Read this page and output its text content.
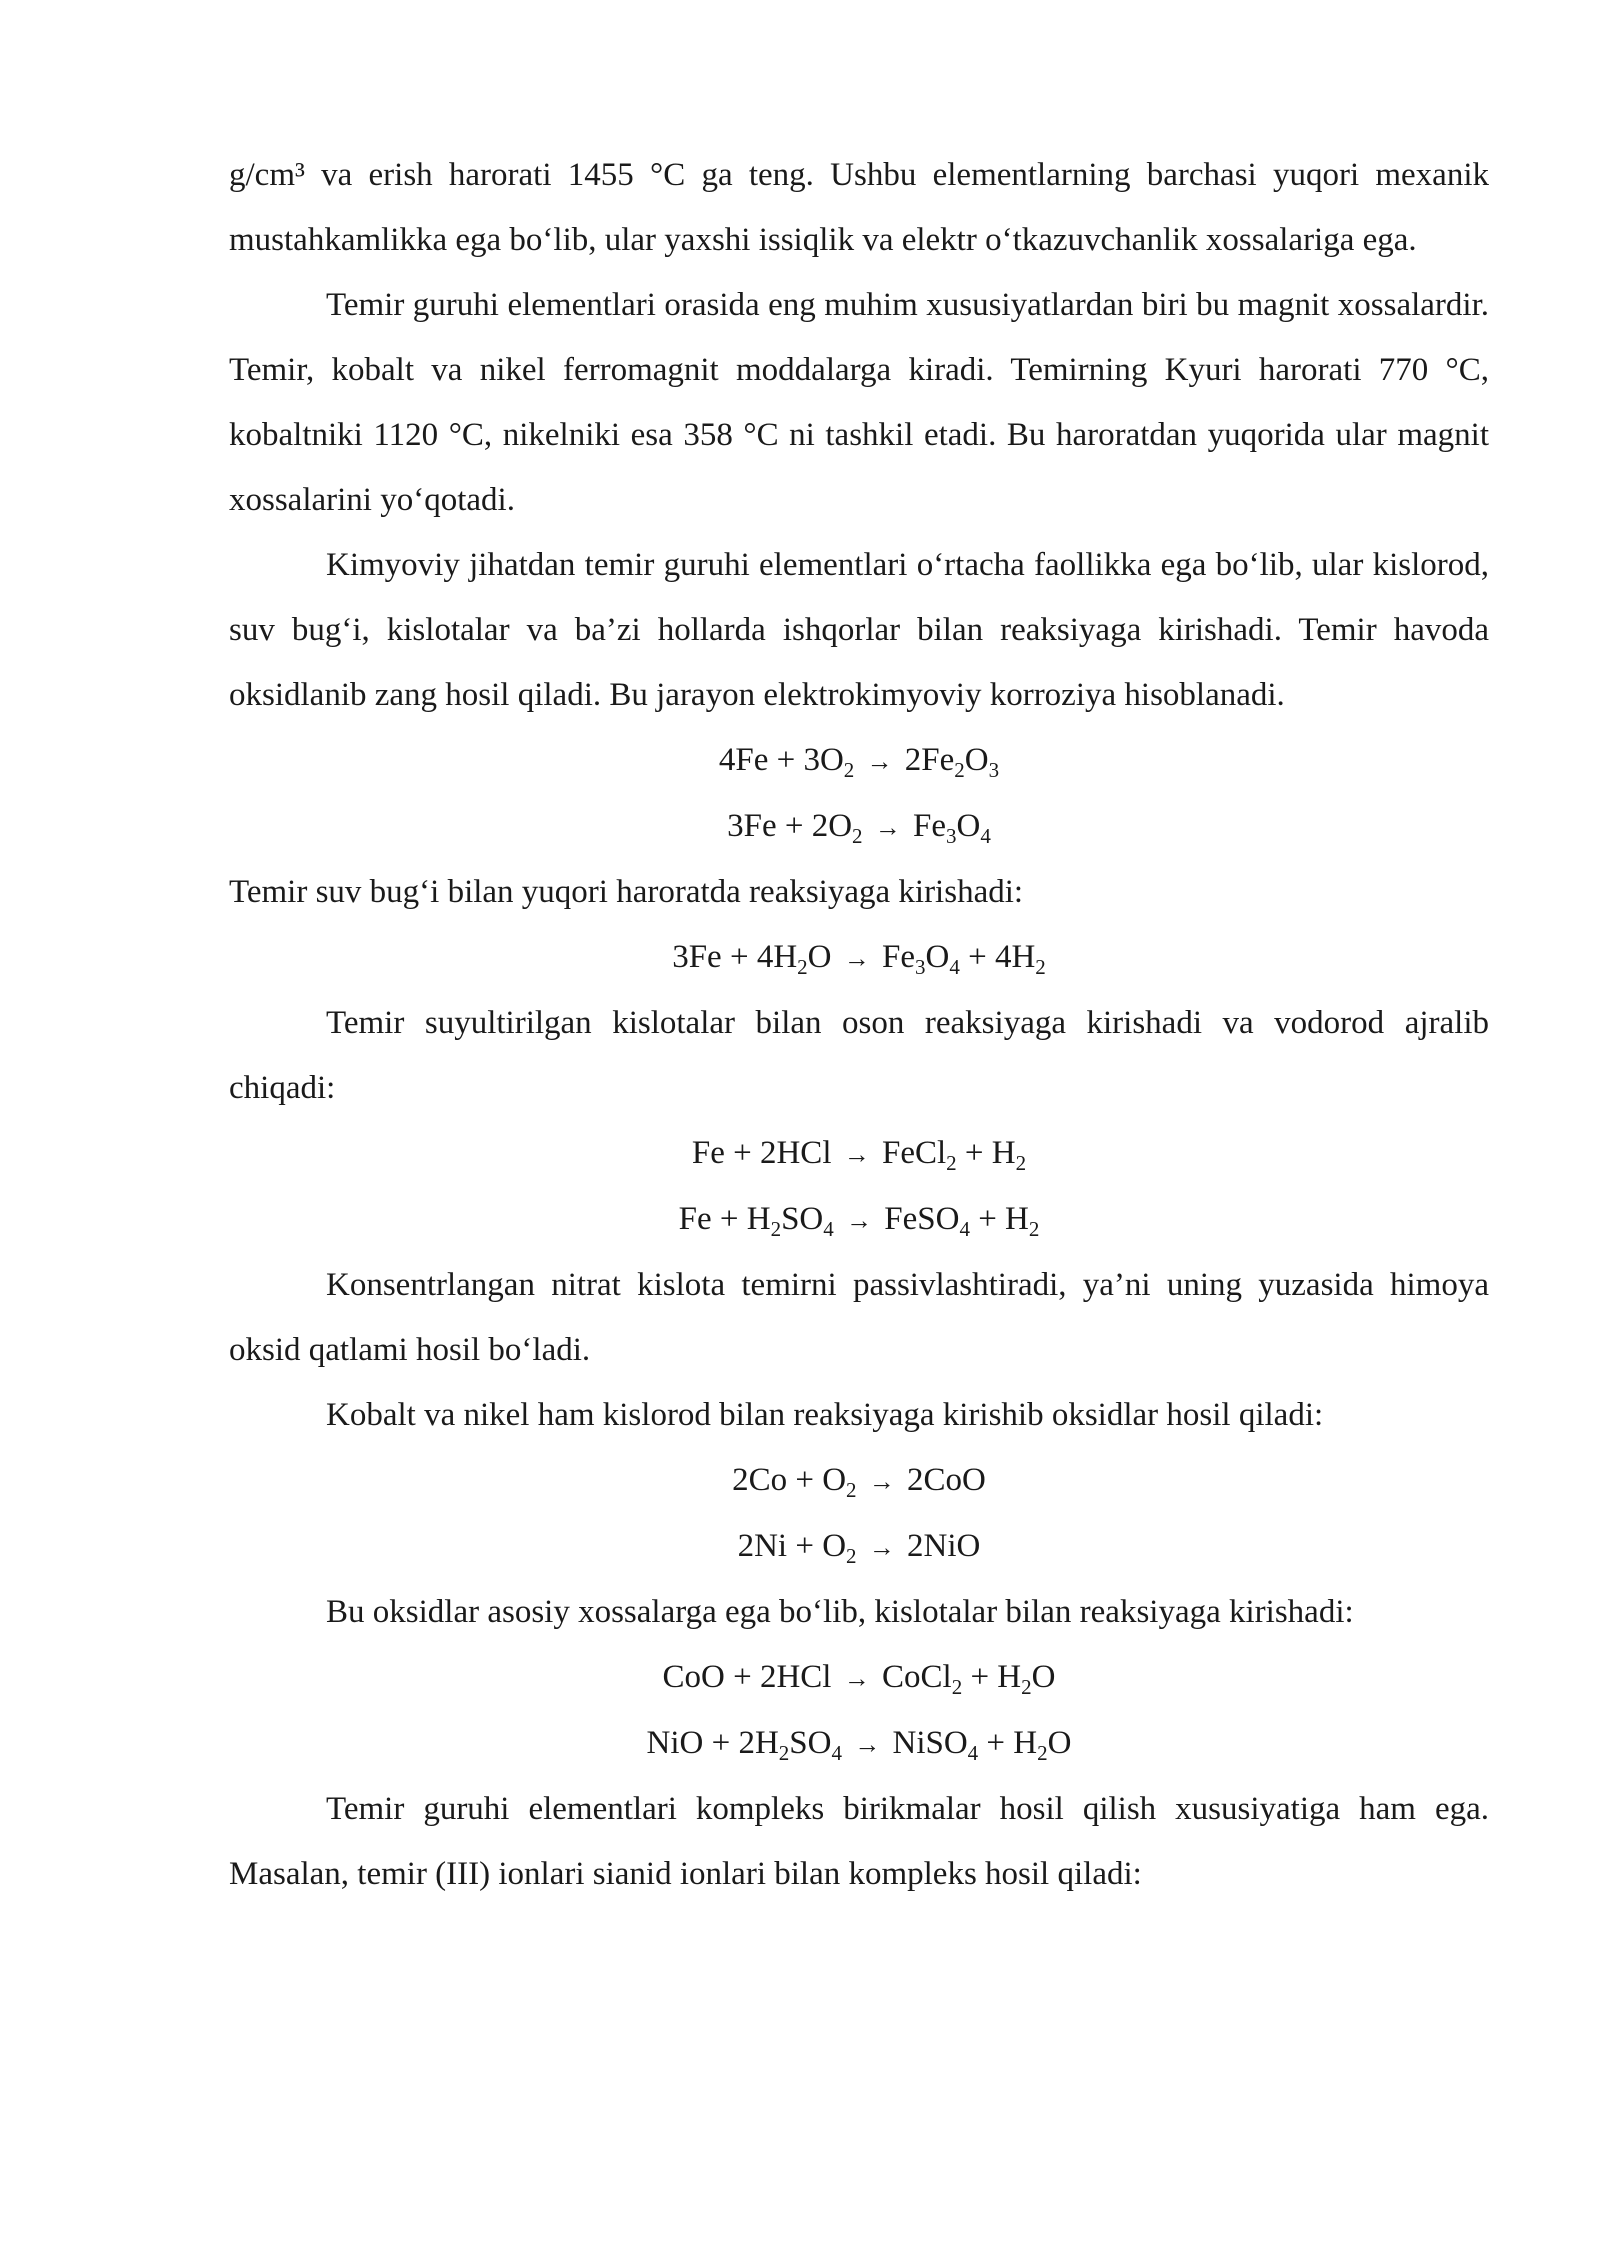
g/cm³ va erish harorati 1455 °C ga teng. Ushbu elementlarning barchasi yuqori mexanik mustahkamlikka ega bo‘lib, ular yaxshi issiqlik va elektr o‘tkazuvchanlik xossalariga ega.

Temir guruhi elementlari orasida eng muhim xususiyatlardan biri bu magnit xossalardir. Temir, kobalt va nikel ferromagnit moddalarga kiradi. Temirning Kyuri harorati 770 °C, kobaltniki 1120 °C, nikelniki esa 358 °C ni tashkil etadi. Bu haroratdan yuqorida ular magnit xossalarini yo‘qotadi.

Kimyoviy jihatdan temir guruhi elementlari o‘rtacha faollikka ega bo‘lib, ular kislorod, suv bug‘i, kislotalar va ba’zi hollarda ishqorlar bilan reaksiyaga kirishadi. Temir havoda oksidlanib zang hosil qiladi. Bu jarayon elektrokimyoviy korroziya hisoblanadi.

$4Fe + 3O_2 \to 2Fe_2O_3$

$3Fe + 2O_2 \to Fe_3O_4$

Temir suv bug‘i bilan yuqori haroratda reaksiyaga kirishadi:

$3Fe + 4H_2O \to Fe_3O_4 + 4H_2$

Temir suyultirilgan kislotalar bilan oson reaksiyaga kirishadi va vodorod ajralib chiqadi:

Fe + 2HCl → FeCl$_2$ + $H_2$

$Fe + H_2SO_4$ → FeSO$_4$ + $H_2$

Konsentrlangan nitrat kislota temirni passivlashtiradi, ya’ni uning yuzasida himoya oksid qatlami hosil bo‘ladi.

Kobalt va nikel ham kislorod bilan reaksiyaga kirishib oksidlar hosil qiladi:

$2Co + O_2 \to 2CoO$

$2Ni + O_2 \to 2NiO$

Bu oksidlar asosiy xossalarga ega bo‘lib, kislotalar bilan reaksiyaga kirishadi:

CoO + 2HCl → CoCl$_2$ + $H_2O$

NiO + $2H_2SO_4$ → NiSO$_4$ + $H_2O$

Temir guruhi elementlari kompleks birikmalar hosil qilish xususiyatiga ham ega. Masalan, temir (III) ionlari sianid ionlari bilan kompleks hosil qiladi:
